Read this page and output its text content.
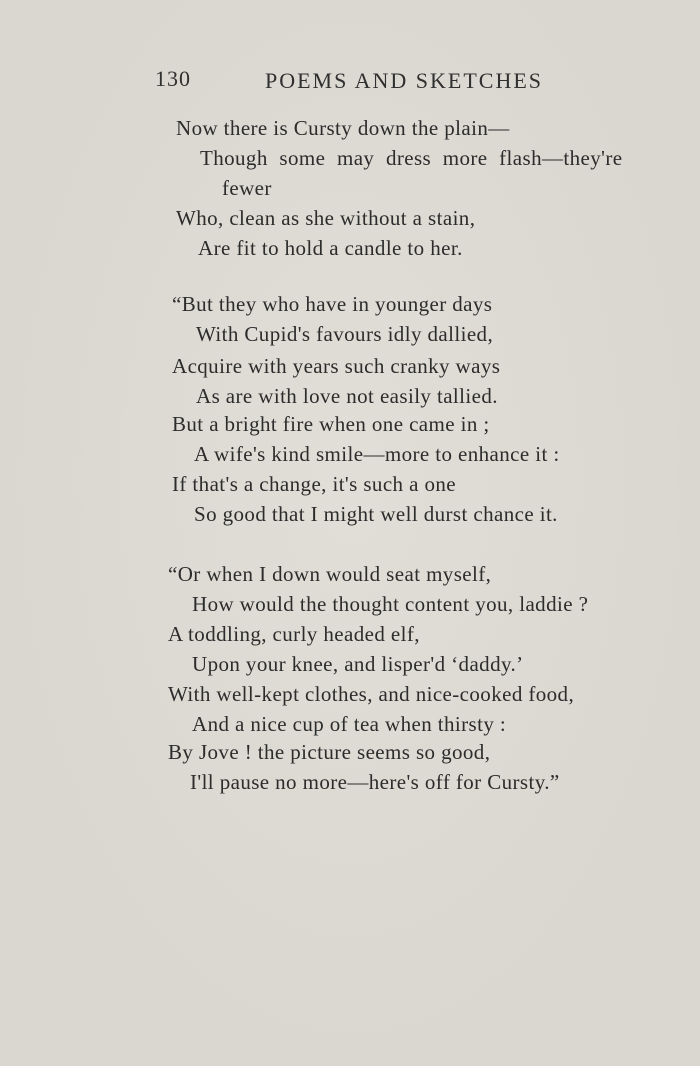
130	POEMS AND SKETCHES
Now there is Cursty down the plain—
Though some may dress more flash—they're
fewer
Who, clean as she without a stain,
Are fit to hold a candle to her.
“But they who have in younger days
With Cupid's favours idly dallied,
Acquire with years such cranky ways
As are with love not easily tallied.
But a bright fire when one came in ;
A wife's kind smile—more to enhance it :
If that's a change, it's such a one
So good that I might well durst chance it.
“Or when I down would seat myself,
How would the thought content you, laddie ?
A toddling, curly headed elf,
Upon your knee, and lisper'd ‘daddy.’
With well-kept clothes, and nice-cooked food,
And a nice cup of tea when thirsty :
By Jove ! the picture seems so good,
I'll pause no more—here's off for Cursty.”
